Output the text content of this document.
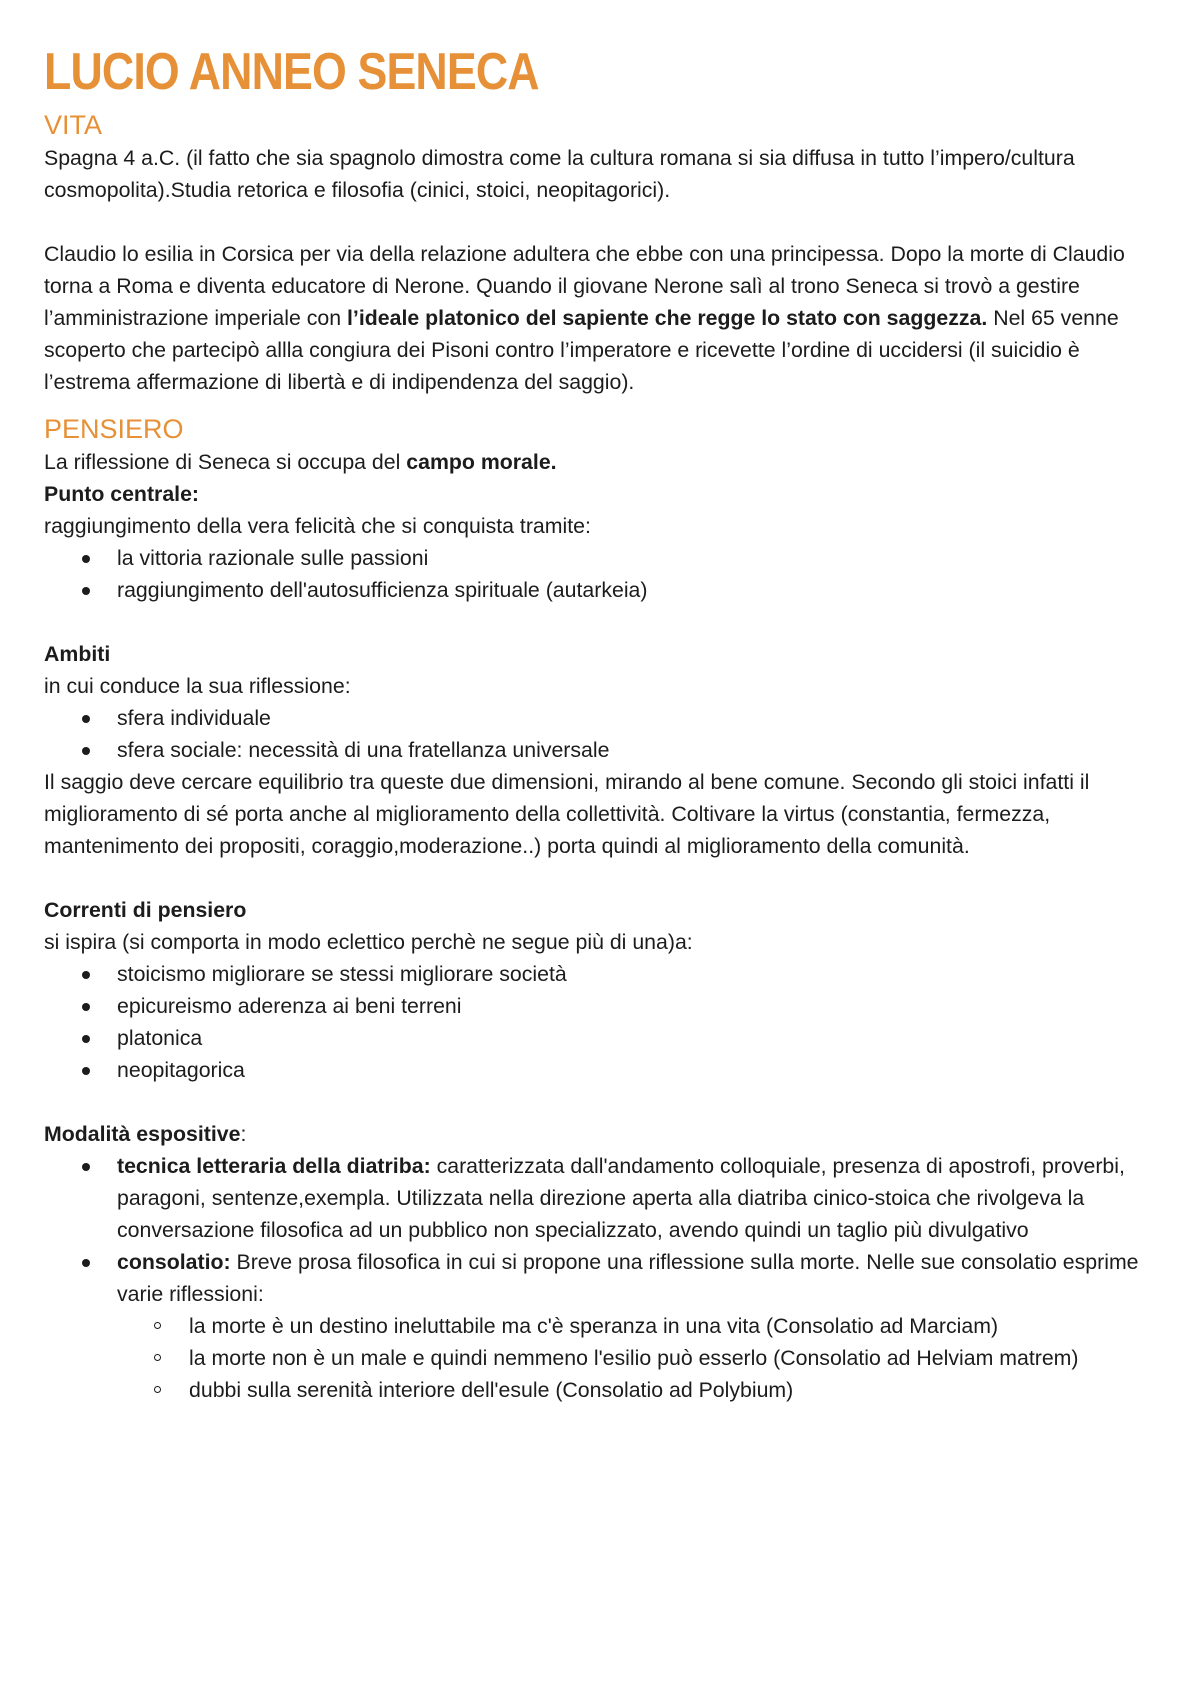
LUCIO ANNEO SENECA
VITA

Spagna 4 a.C. (il fatto che sia spagnolo dimostra come la cultura romana si sia diffusa in tutto l’impero/cultura cosmopolita).Studia retorica e filosofia (cinici, stoici, neopitagorici).

Claudio lo esilia in Corsica per via della relazione adultera che ebbe con una principessa. Dopo la morte di Claudio torna a Roma e diventa educatore di Nerone. Quando il giovane Nerone salì al trono Seneca si trovò a gestire l’amministrazione imperiale con l’ideale platonico del sapiente che regge lo stato con saggezza. Nel 65 venne scoperto che partecipò allla congiura dei Pisoni contro l’imperatore e ricevette l’ordine di uccidersi (il suicidio è l’estrema affermazione di libertà e di indipendenza del saggio).

PENSIERO

La riflessione di Seneca si occupa del campo morale.

Punto centrale:
raggiungimento della vera felicità che si conquista tramite:
la vittoria razionale sulle passioni
raggiungimento dell'autosufficienza spirituale (autarkeia)
Ambiti
in cui conduce la sua riflessione:
sfera individuale
sfera sociale: necessità di una fratellanza universale

Il saggio deve cercare equilibrio tra queste due dimensioni, mirando al bene comune. Secondo gli stoici infatti il miglioramento di sé porta anche al miglioramento della collettività. Coltivare la virtus (constantia, fermezza, mantenimento dei propositi, coraggio,moderazione..) porta quindi al miglioramento della comunità.

Correnti di pensiero
si ispira (si comporta in modo eclettico perchè ne segue più di una)a:
stoicismo migliorare se stessi migliorare società
epicureismo aderenza ai beni terreni
platonica
neopitagorica
Modalità espositive:
tecnica letteraria della diatriba: caratterizzata dall'andamento colloquiale, presenza di apostrofi, proverbi, paragoni, sentenze,exempla. Utilizzata nella direzione aperta alla diatriba cinico-stoica che rivolgeva la conversazione filosofica ad un pubblico non specializzato, avendo quindi un taglio più divulgativo
consolatio: Breve prosa filosofica in cui si propone una riflessione sulla morte. Nelle sue consolatio esprime varie riflessioni:
la morte è un destino ineluttabile ma c'è speranza in una vita (Consolatio ad Marciam)
la morte non è un male e quindi nemmeno l'esilio può esserlo (Consolatio ad Helviam matrem)
dubbi sulla serenità interiore dell'esule (Consolatio ad Polybium)
